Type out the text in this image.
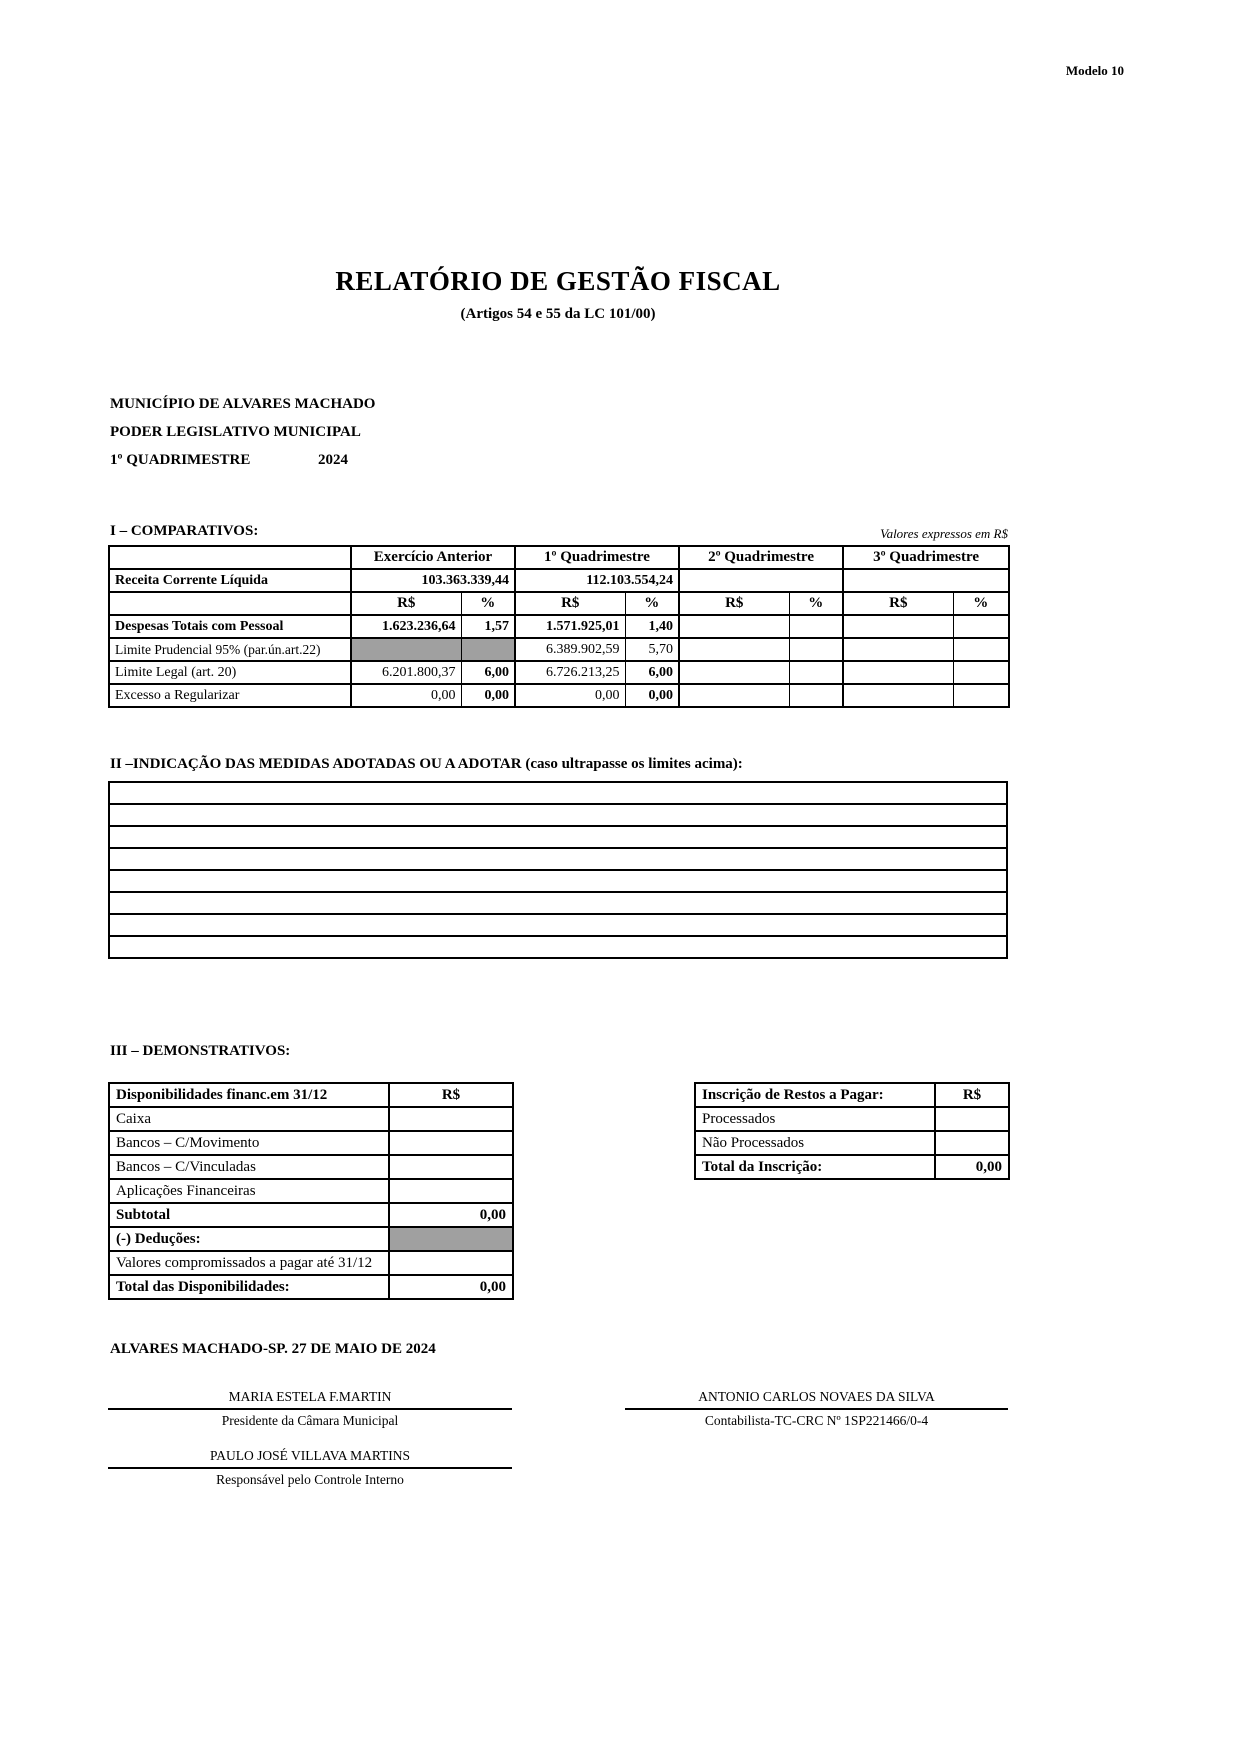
Modelo 10
RELATÓRIO DE GESTÃO FISCAL
(Artigos 54 e 55 da LC 101/00)
MUNICÍPIO DE ALVARES MACHADO
PODER LEGISLATIVO MUNICIPAL
1º QUADRIMESTRE	2024
I – COMPARATIVOS:	Valores expressos em R$
	Exercício Anterior		1º Quadrimestre		2º Quadrimestre		3º Quadrimestre	
Receita Corrente Líquida	103.363.339,44		112.103.554,24					
	R$	%	R$	%	R$	%	R$	%
Despesas Totais com Pessoal	1.623.236,64	1,57	1.571.925,01	1,40				
Limite Prudencial 95% (par.ún.art.22)			6.389.902,59	5,70				
Limite Legal (art. 20)	6.201.800,37	6,00	6.726.213,25	6,00				
Excesso a Regularizar	0,00	0,00	0,00	0,00				
II –INDICAÇÃO DAS MEDIDAS ADOTADAS OU A ADOTAR (caso ultrapasse os limites acima):

III – DEMONSTRATIVOS:
Disponibilidades financ.em 31/12	R$
Caixa	
Bancos – C/Movimento	
Bancos – C/Vinculadas	
Aplicações Financeiras	
Subtotal	0,00
(-) Deduções:	
Valores compromissados a pagar até 31/12	
Total das Disponibilidades:	0,00
Inscrição de Restos a Pagar:	R$
Processados	
Não Processados	
Total da Inscrição:	0,00
ALVARES MACHADO-SP. 27 DE MAIO DE 2024
MARIA ESTELA F.MARTIN
Presidente da Câmara Municipal
ANTONIO CARLOS NOVAES DA SILVA
Contabilista-TC-CRC Nº 1SP221466/0-4
PAULO JOSÉ VILLAVA MARTINS
Responsável pelo Controle Interno
